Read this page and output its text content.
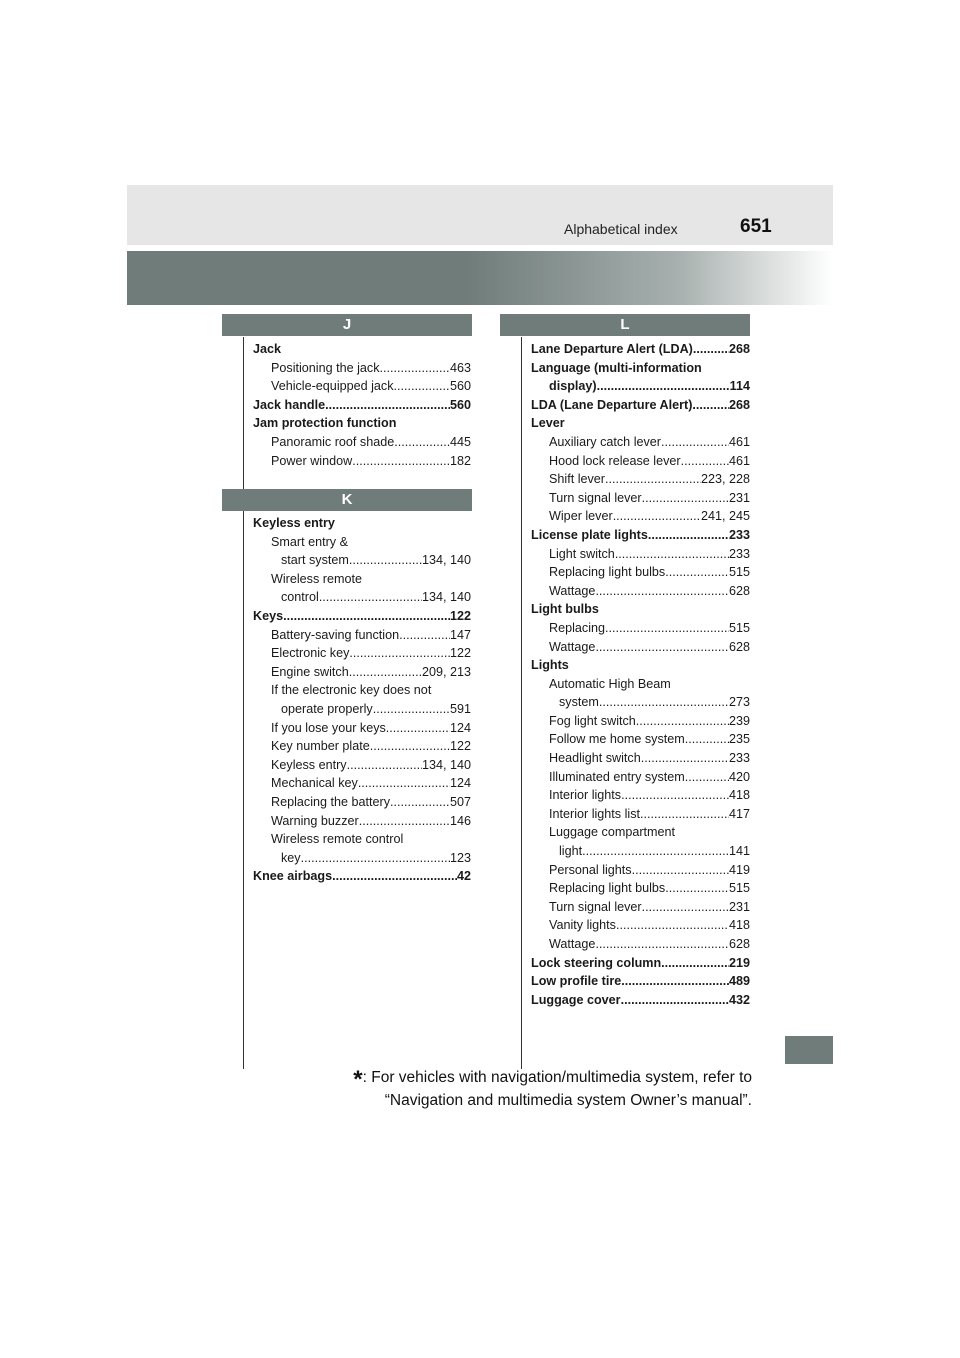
Alphabetical index	651
J
Jack
Positioning the jack .....	463
Vehicle-equipped jack .....	560
Jack handle .....	560
Jam protection function
Panoramic roof shade .....	445
Power window .....	182
K
Keyless entry
Smart entry &
start system .....	134, 140
Wireless remote
control .....	134, 140
Keys .....	122
Battery-saving function .....	147
Electronic key .....	122
Engine switch .....	209, 213
If the electronic key does not
operate properly .....	591
If you lose your keys .....	124
Key number plate .....	122
Keyless entry .....	134, 140
Mechanical key .....	124
Replacing the battery .....	507
Warning buzzer .....	146
Wireless remote control
key .....	123
Knee airbags .....	42
L
Lane Departure Alert (LDA) .....	268
Language (multi-information
display) .....	114
LDA (Lane Departure Alert) .....	268
Lever
Auxiliary catch lever .....	461
Hood lock release lever .....	461
Shift lever .....	223, 228
Turn signal lever .....	231
Wiper lever .....	241, 245
License plate lights .....	233
Light switch .....	233
Replacing light bulbs .....	515
Wattage .....	628
Light bulbs
Replacing .....	515
Wattage .....	628
Lights
Automatic High Beam
system .....	273
Fog light switch .....	239
Follow me home system .....	235
Headlight switch .....	233
Illuminated entry system .....	420
Interior lights .....	418
Interior lights list .....	417
Luggage compartment
light .....	141
Personal lights .....	419
Replacing light bulbs .....	515
Turn signal lever .....	231
Vanity lights .....	418
Wattage .....	628
Lock steering column .....	219
Low profile tire .....	489
Luggage cover .....	432
*: For vehicles with navigation/multimedia system, refer to
“Navigation and multimedia system Owner’s manual”.
